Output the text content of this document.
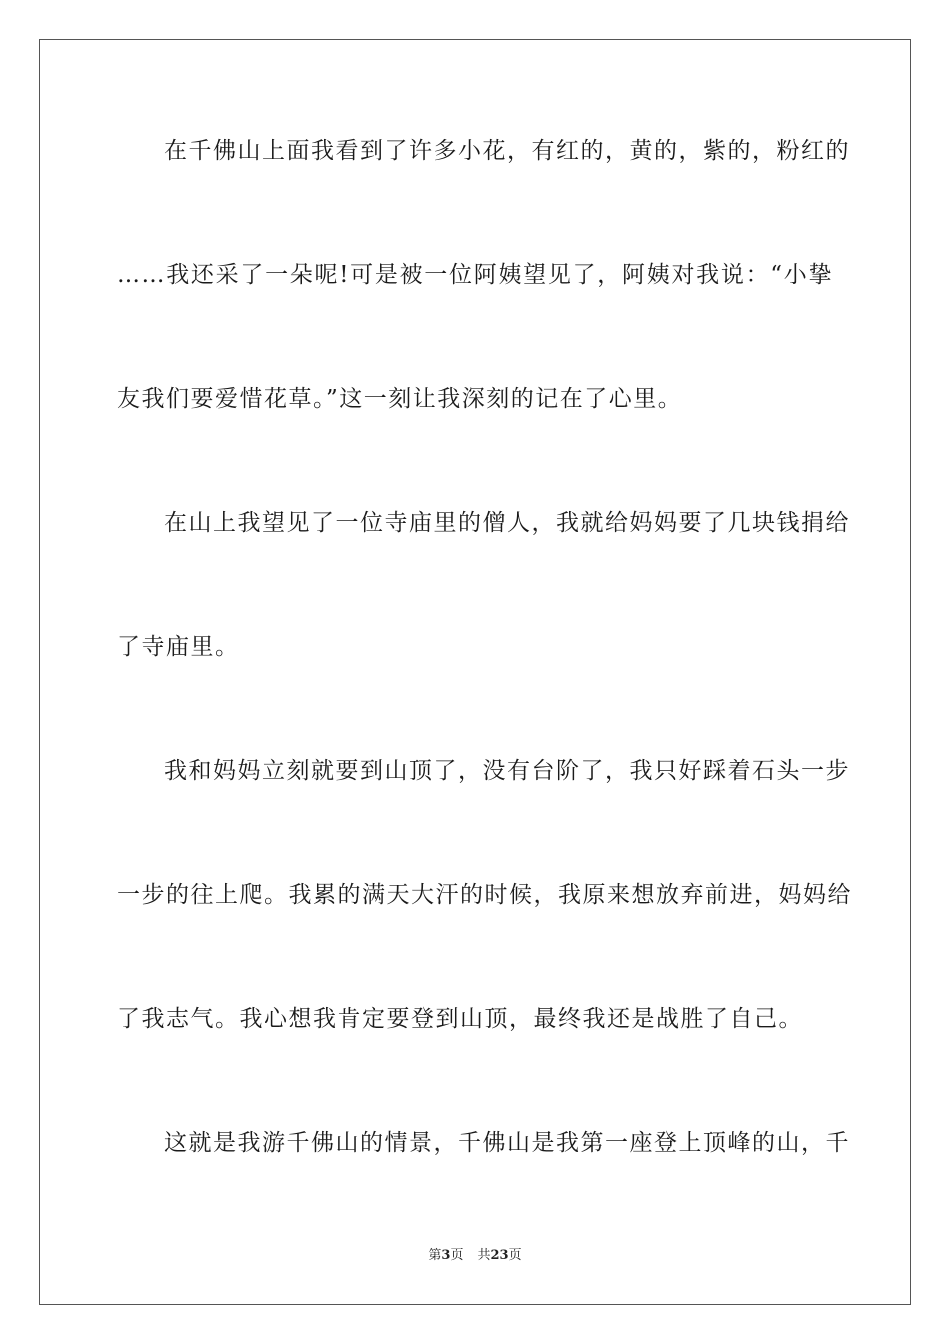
在千佛山上面我看到了许多小花，有红的，黄的，紫的，粉红的
……我还采了一朵呢!可是被一位阿姨望见了，阿姨对我说：“小挚
友我们要爱惜花草。”这一刻让我深刻的记在了心里。
在山上我望见了一位寺庙里的僧人，我就给妈妈要了几块钱捐给
了寺庙里。
我和妈妈立刻就要到山顶了，没有台阶了，我只好踩着石头一步
一步的往上爬。我累的满天大汗的时候，我原来想放弃前进，妈妈给
了我志气。我心想我肯定要登到山顶，最终我还是战胜了自己。
这就是我游千佛山的情景，千佛山是我第一座登上顶峰的山，千
第3页 共23页
